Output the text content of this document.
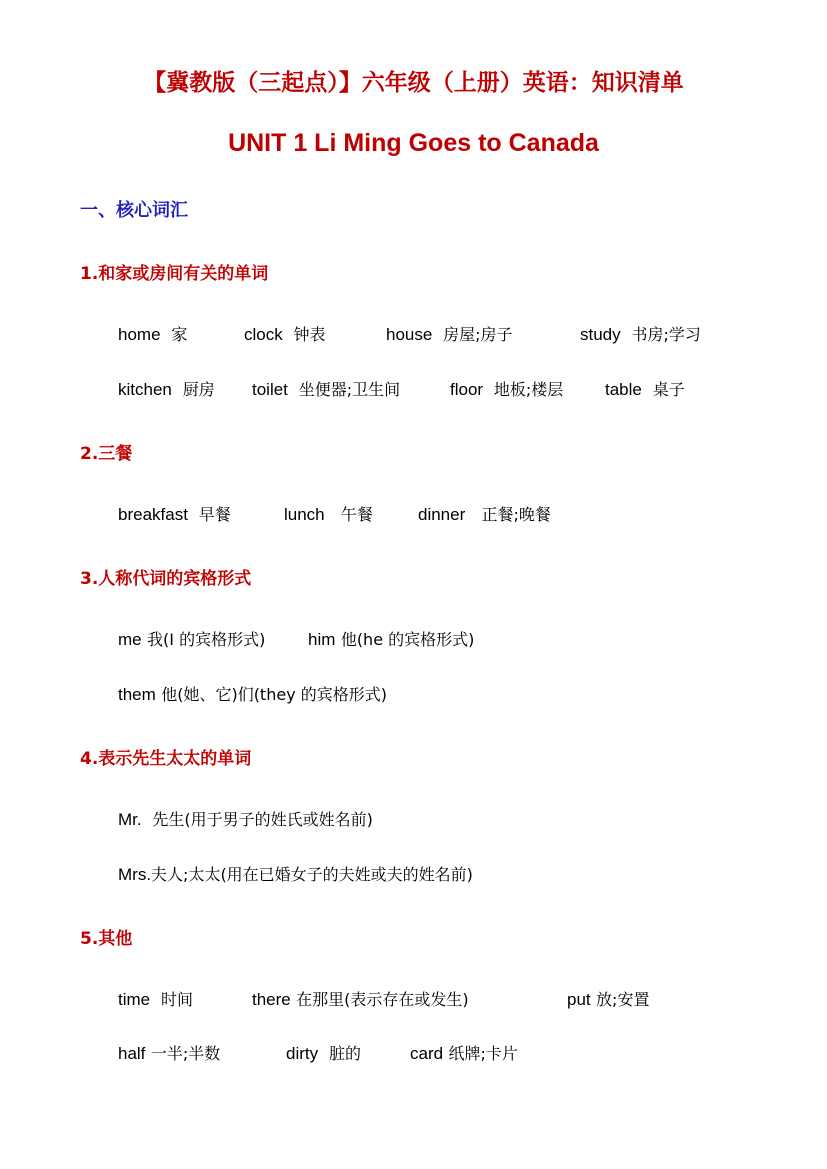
【冀教版（三起点）】六年级（上册）英语：知识清单
UNIT 1 Li Ming Goes to Canada
一、核心词汇
1.和家或房间有关的单词
home 家	clock 钟表	house 房屋;房子	study 书房;学习
kitchen 厨房 toilet 坐便器;卫生间	floor 地板;楼层 table 桌子
2.三餐
breakfast 早餐	lunch 午餐	dinner 正餐;晚餐
3.人称代词的宾格形式
me 我(I 的宾格形式)	him 他(he 的宾格形式)
them 他(她、它)们(they 的宾格形式)
4.表示先生太太的单词
Mr. 先生(用于男子的姓氏或姓名前)
Mrs.夫人;太太(用在已婚女子的夫姓或夫的姓名前)
5.其他
time 时间	there 在那里(表示存在或发生)	put 放;安置
half 一半;半数	dirty 脏的	card 纸牌;卡片
